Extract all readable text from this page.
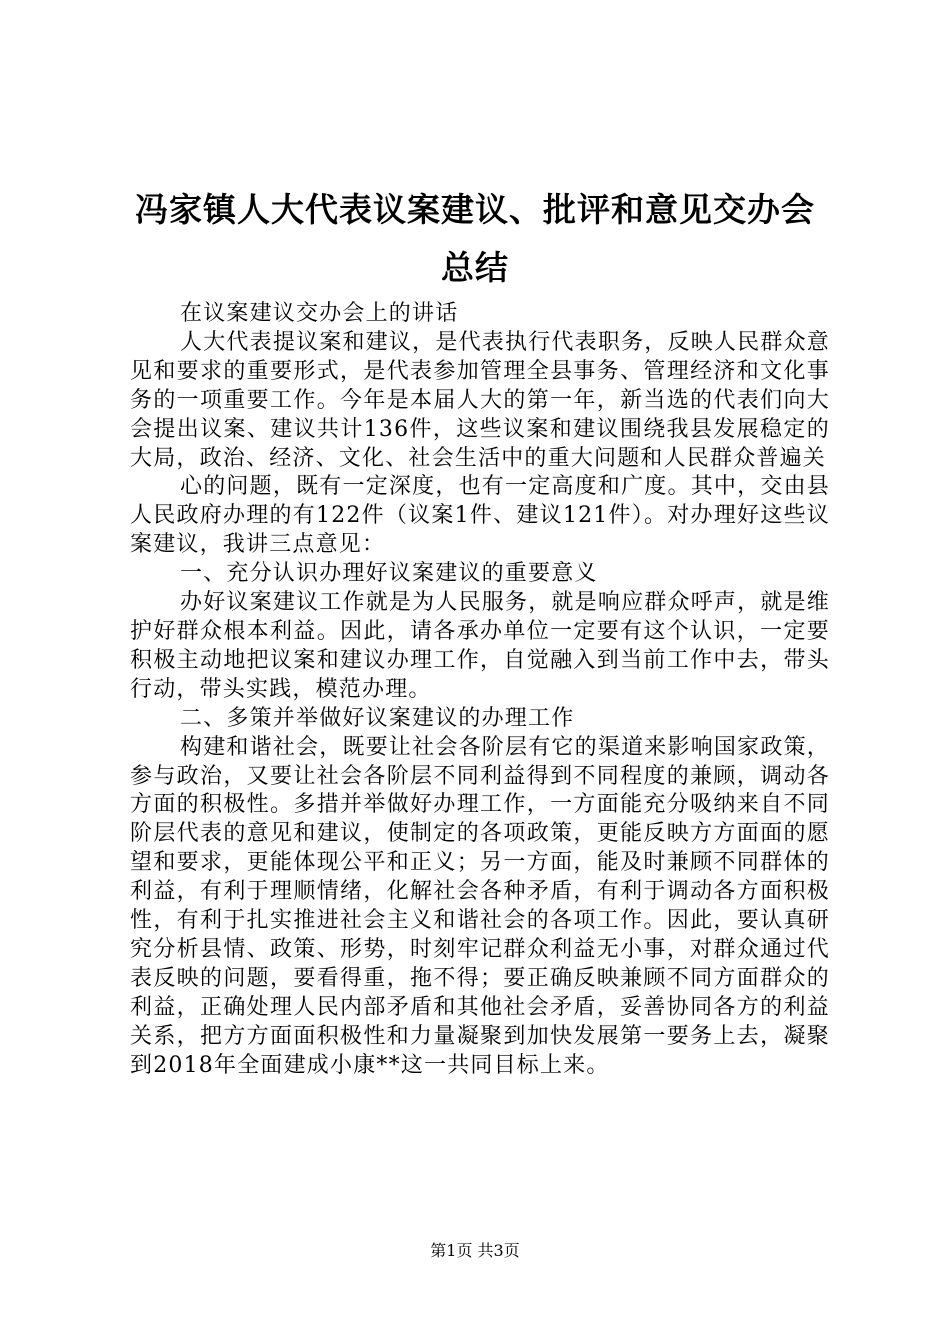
冯家镇人大代表议案建议、批评和意见交办会
总结

在议案建议交办会上的讲话

人大代表提议案和建议，是代表执行代表职务，反映人民群众意见和要求的重要形式，是代表参加管理全县事务、管理经济和文化事务的一项重要工作。今年是本届人大的第一年，新当选的代表们向大会提出议案、建议共计136件，这些议案和建议围绕我县发展稳定的大局，政治、经济、文化、社会生活中的重大问题和人民群众普遍关

心的问题，既有一定深度，也有一定高度和广度。其中，交由县人民政府办理的有122件（议案1件、建议121件）。对办理好这些议案建议，我讲三点意见：

一、充分认识办理好议案建议的重要意义

办好议案建议工作就是为人民服务，就是响应群众呼声，就是维护好群众根本利益。因此，请各承办单位一定要有这个认识，一定要积极主动地把议案和建议办理工作，自觉融入到当前工作中去，带头行动，带头实践，模范办理。

二、多策并举做好议案建议的办理工作

构建和谐社会，既要让社会各阶层有它的渠道来影响国家政策，参与政治，又要让社会各阶层不同利益得到不同程度的兼顾，调动各方面的积极性。多措并举做好办理工作，一方面能充分吸纳来自不同阶层代表的意见和建议，使制定的各项政策，更能反映方方面面的愿望和要求，更能体现公平和正义；另一方面，能及时兼顾不同群体的利益，有利于理顺情绪，化解社会各种矛盾，有利于调动各方面积极性，有利于扎实推进社会主义和谐社会的各项工作。因此，要认真研究分析县情、政策、形势，时刻牢记群众利益无小事，对群众通过代表反映的问题，要看得重，拖不得；要正确反映兼顾不同方面群众的利益，正确处理人民内部矛盾和其他社会矛盾，妥善协同各方的利益关系，把方方面面积极性和力量凝聚到加快发展第一要务上去，凝聚到2018年全面建成小康**这一共同目标上来。

第1页 共3页
